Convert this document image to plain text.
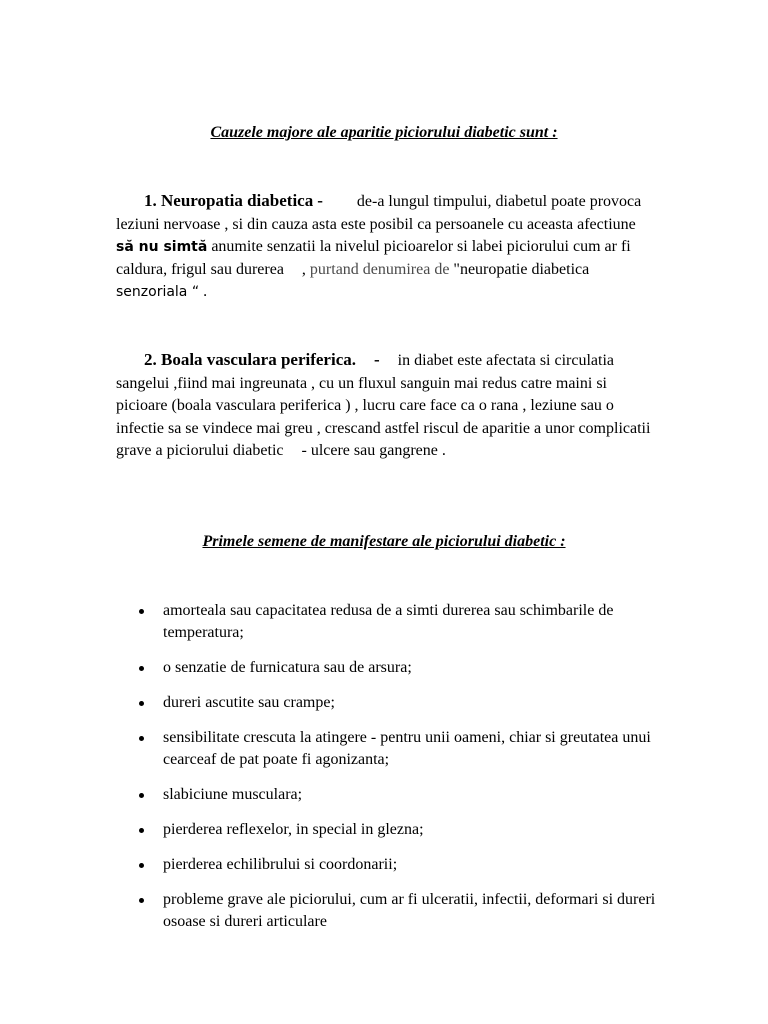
Cauzele majore ale aparitie piciorului diabetic sunt :
1. Neuropatia diabetica - de-a lungul timpului, diabetul poate provoca leziuni nervoase , si din cauza asta este posibil ca persoanele cu aceasta afectiune să nu simtă anumite senzatii la nivelul picioarelor si labei piciorului cum ar fi caldura, frigul sau durerea , purtand denumirea de "neuropatie diabetica senzoriala “ .
2. Boala vasculara periferica. - in diabet este afectata si circulatia sangelui ,fiind mai ingreunata , cu un fluxul sanguin mai redus catre maini si picioare (boala vasculara periferica ) , lucru care face ca o rana , leziune sau o infectie sa se vindece mai greu , crescand astfel riscul de aparitie a unor complicatii grave a piciorului diabetic - ulcere sau gangrene .
Primele semene de manifestare ale piciorului diabetic :
amorteala sau capacitatea redusa de a simti durerea sau schimbarile de temperatura;
o senzatie de furnicatura sau de arsura;
dureri ascutite sau crampe;
sensibilitate crescuta la atingere - pentru unii oameni, chiar si greutatea unui cearceaf de pat poate fi agonizanta;
slabiciune musculara;
pierderea reflexelor, in special in glezna;
pierderea echilibrului si coordonarii;
probleme grave ale piciorului, cum ar fi ulceratii, infectii, deformari si dureri osoase si dureri articulare
